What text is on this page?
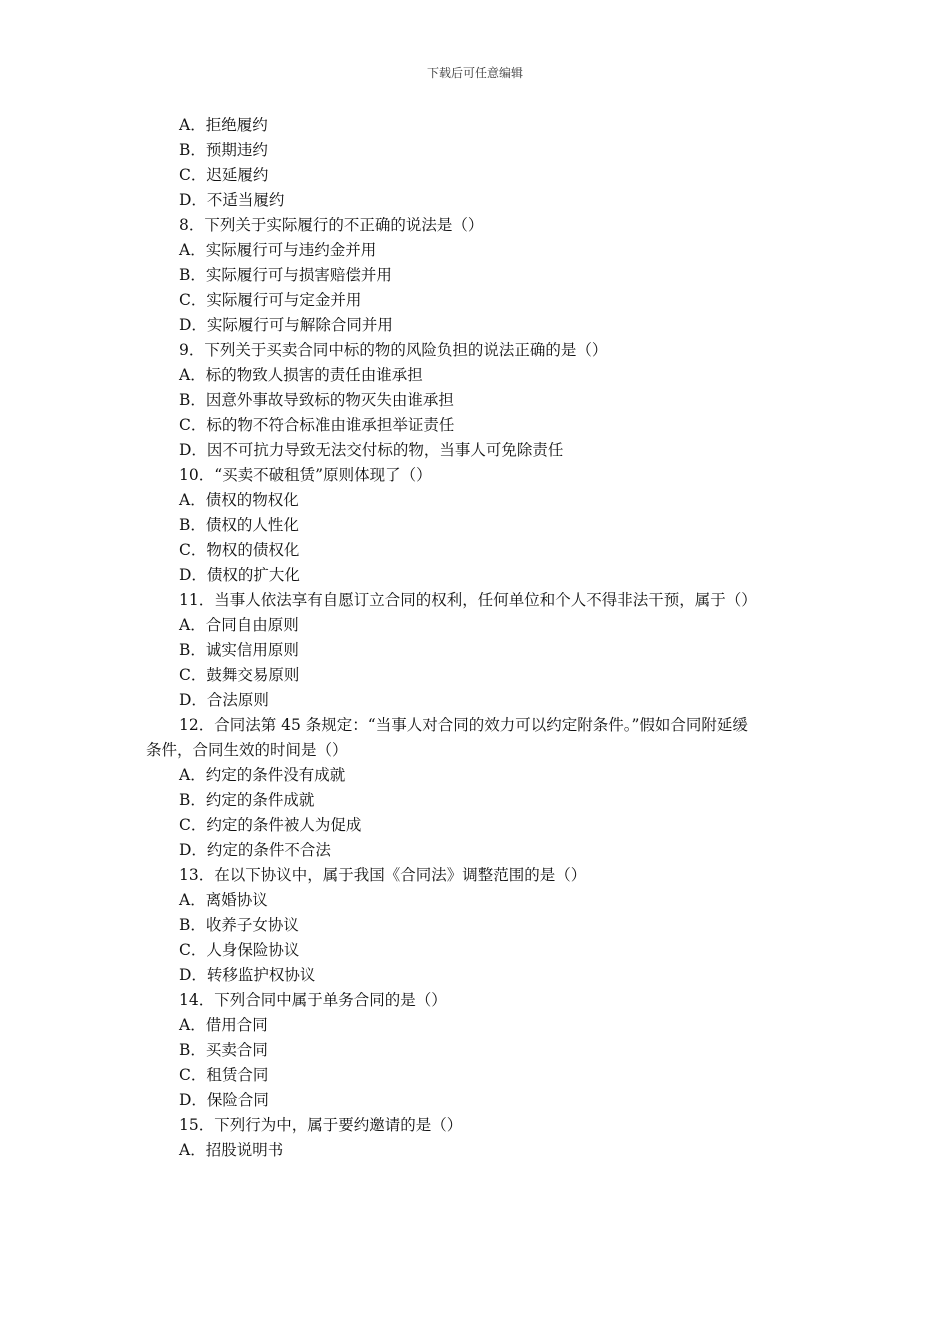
下载后可任意编辑
A．拒绝履约
B．预期违约
C．迟延履约
D．不适当履约
8．下列关于实际履行的不正确的说法是（）
A．实际履行可与违约金并用
B．实际履行可与损害赔偿并用
C．实际履行可与定金并用
D．实际履行可与解除合同并用
9．下列关于买卖合同中标的物的风险负担的说法正确的是（）
A．标的物致人损害的责任由谁承担
B．因意外事故导致标的物灭失由谁承担
C．标的物不符合标准由谁承担举证责任
D．因不可抗力导致无法交付标的物，当事人可免除责任
10．“买卖不破租赁”原则体现了（）
A．债权的物权化
B．债权的人性化
C．物权的债权化
D．债权的扩大化
11．当事人依法享有自愿订立合同的权利，任何单位和个人不得非法干预，属于（）
A．合同自由原则
B．诚实信用原则
C．鼓舞交易原则
D．合法原则
12．合同法第 45 条规定：“当事人对合同的效力可以约定附条件。”假如合同附延缓
条件，合同生效的时间是（）
A．约定的条件没有成就
B．约定的条件成就
C．约定的条件被人为促成
D．约定的条件不合法
13．在以下协议中，属于我国《合同法》调整范围的是（）
A．离婚协议
B．收养子女协议
C．人身保险协议
D．转移监护权协议
14．下列合同中属于单务合同的是（）
A．借用合同
B．买卖合同
C．租赁合同
D．保险合同
15．下列行为中，属于要约邀请的是（）
A．招股说明书
